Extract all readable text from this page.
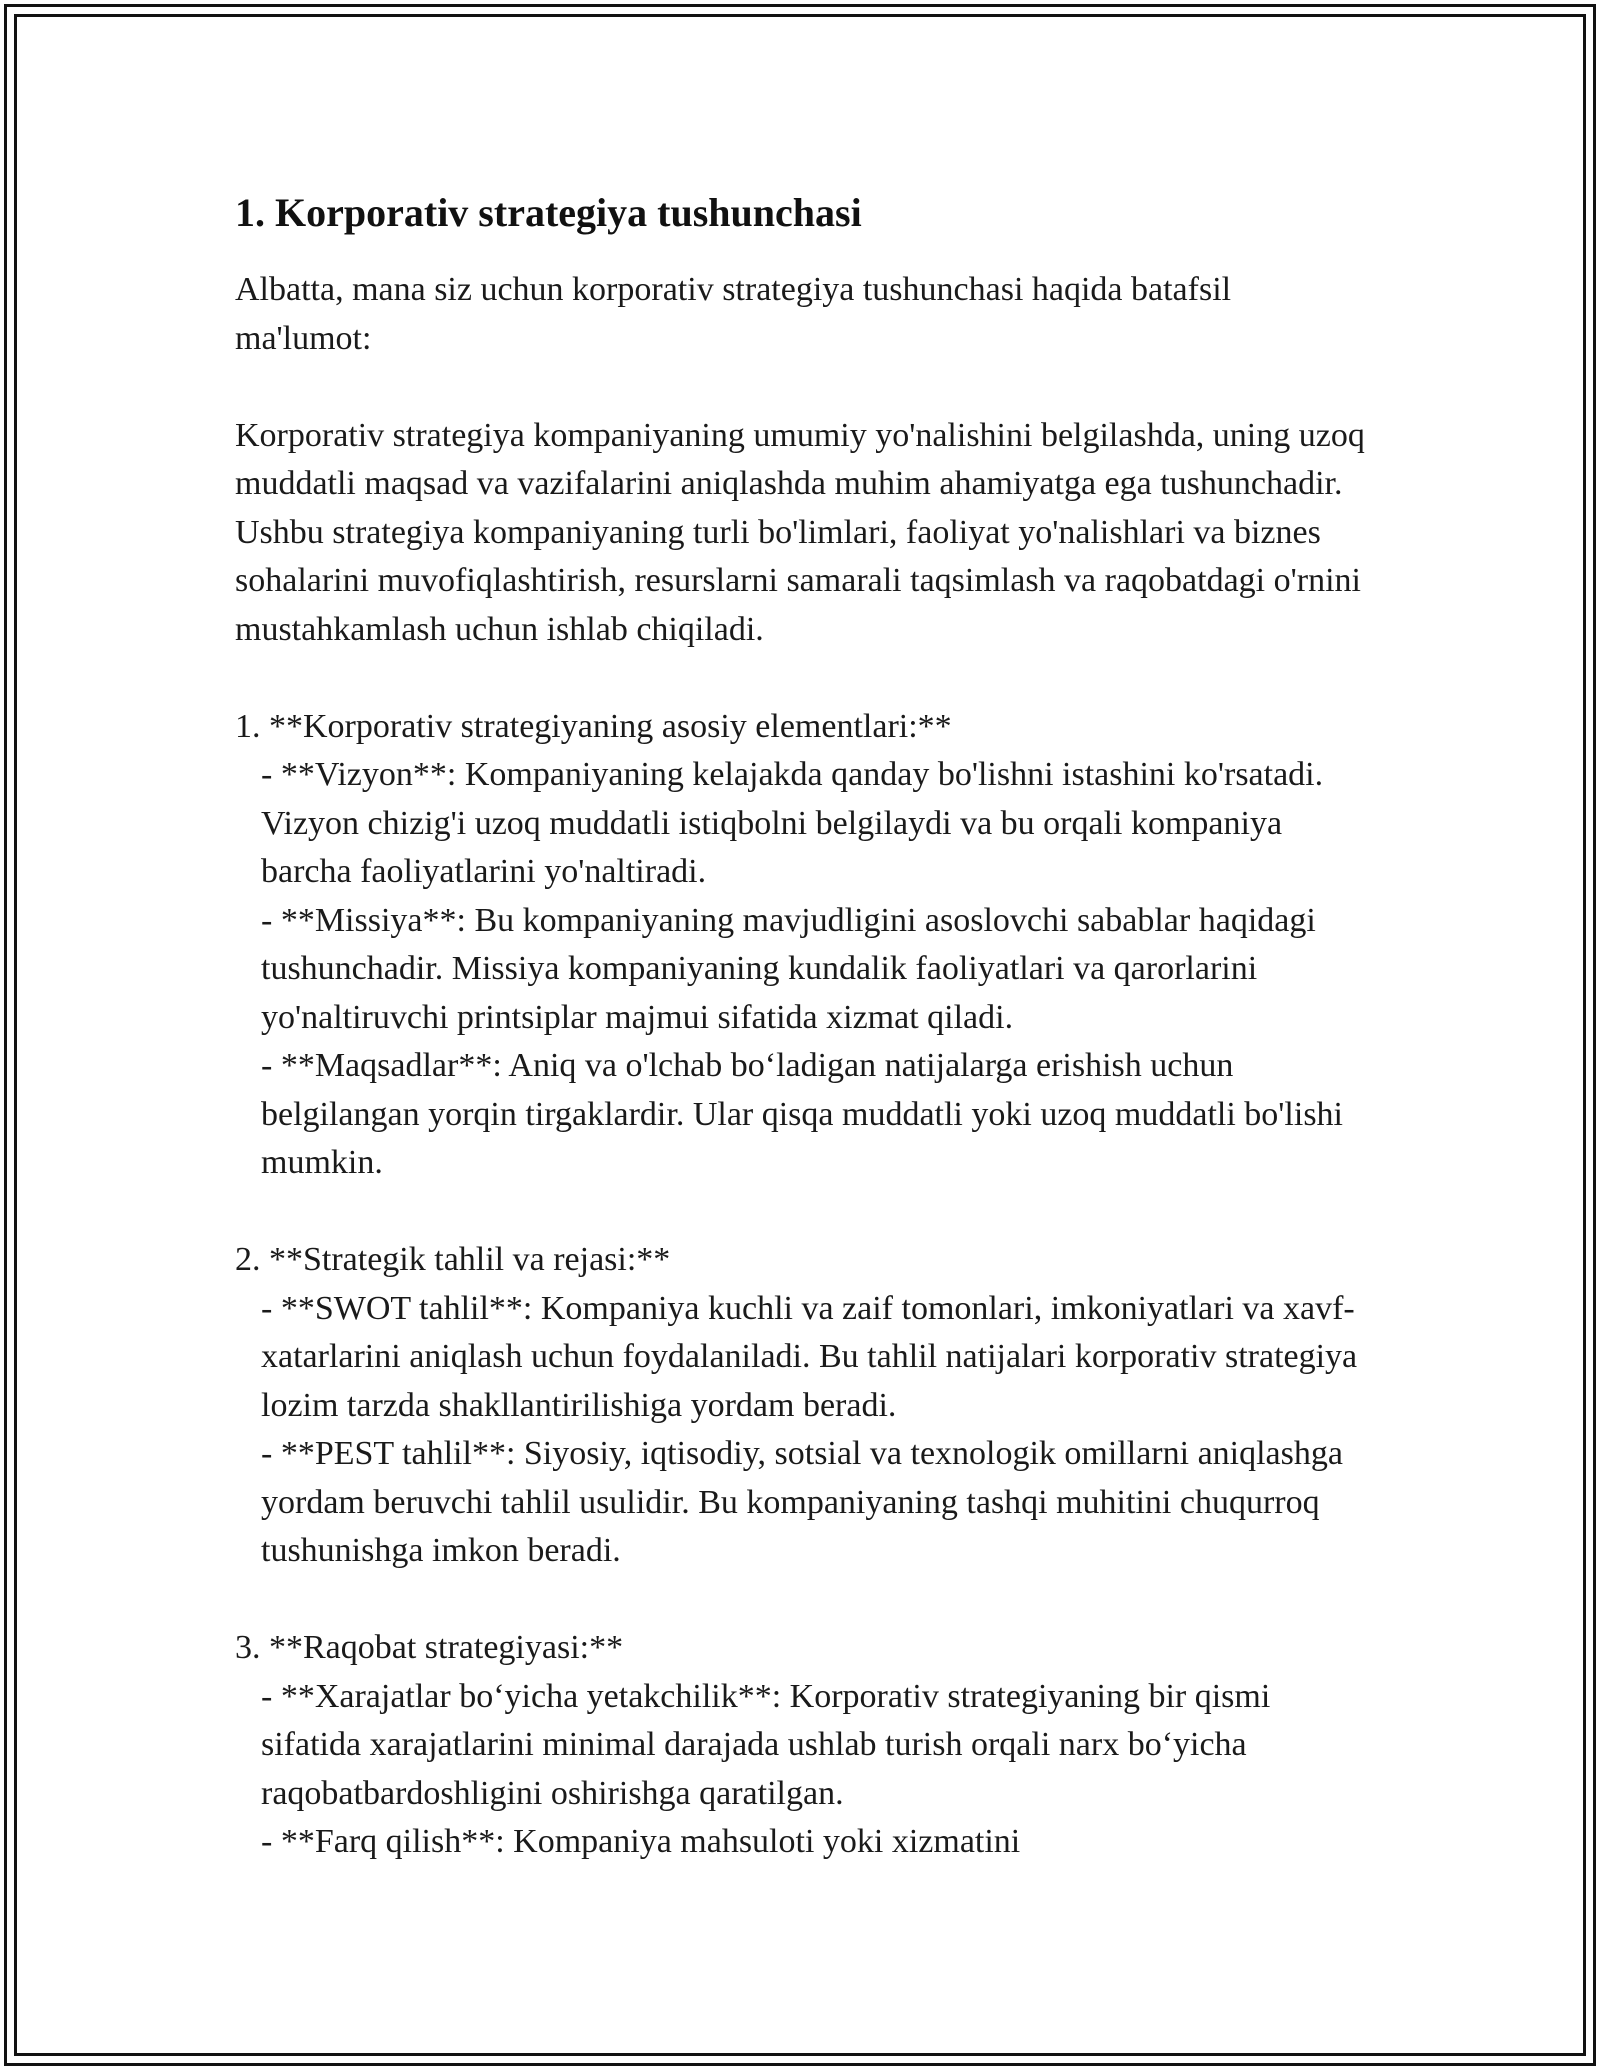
1. Korporativ strategiya tushunchasi

Albatta, mana siz uchun korporativ strategiya tushunchasi haqida batafsil ma'lumot:

Korporativ strategiya kompaniyaning umumiy yo'nalishini belgilashda, uning uzoq muddatli maqsad va vazifalarini aniqlashda muhim ahamiyatga ega tushunchadir. Ushbu strategiya kompaniyaning turli bo'limlari, faoliyat yo'nalishlari va biznes sohalarini muvofiqlashtirish, resurslarni samarali taqsimlash va raqobatdagi o'rnini mustahkamlash uchun ishlab chiqiladi.

1. **Korporativ strategiyaning asosiy elementlari:**

- **Vizyon**: Kompaniyaning kelajakda qanday bo'lishni istashini ko'rsatadi. Vizyon chizig'i uzoq muddatli istiqbolni belgilaydi va bu orqali kompaniya barcha faoliyatlarini yo'naltiradi.

- **Missiya**: Bu kompaniyaning mavjudligini asoslovchi sabablar haqidagi tushunchadir. Missiya kompaniyaning kundalik faoliyatlari va qarorlarini yo'naltiruvchi printsiplar majmui sifatida xizmat qiladi.

- **Maqsadlar**: Aniq va o'lchab bo‘ladigan natijalarga erishish uchun belgilangan yorqin tirgaklardir. Ular qisqa muddatli yoki uzoq muddatli bo'lishi mumkin.

2. **Strategik tahlil va rejasi:**

- **SWOT tahlil**: Kompaniya kuchli va zaif tomonlari, imkoniyatlari va xavf-xatarlarini aniqlash uchun foydalaniladi. Bu tahlil natijalari korporativ strategiya lozim tarzda shakllantirilishiga yordam beradi.

- **PEST tahlil**: Siyosiy, iqtisodiy, sotsial va texnologik omillarni aniqlashga yordam beruvchi tahlil usulidir. Bu kompaniyaning tashqi muhitini chuqurroq tushunishga imkon beradi.

3. **Raqobat strategiyasi:**

- **Xarajatlar bo‘yicha yetakchilik**: Korporativ strategiyaning bir qismi sifatida xarajatlarini minimal darajada ushlab turish orqali narx bo‘yicha raqobatbardoshligini oshirishga qaratilgan.

- **Farq qilish**: Kompaniya mahsuloti yoki xizmatini
